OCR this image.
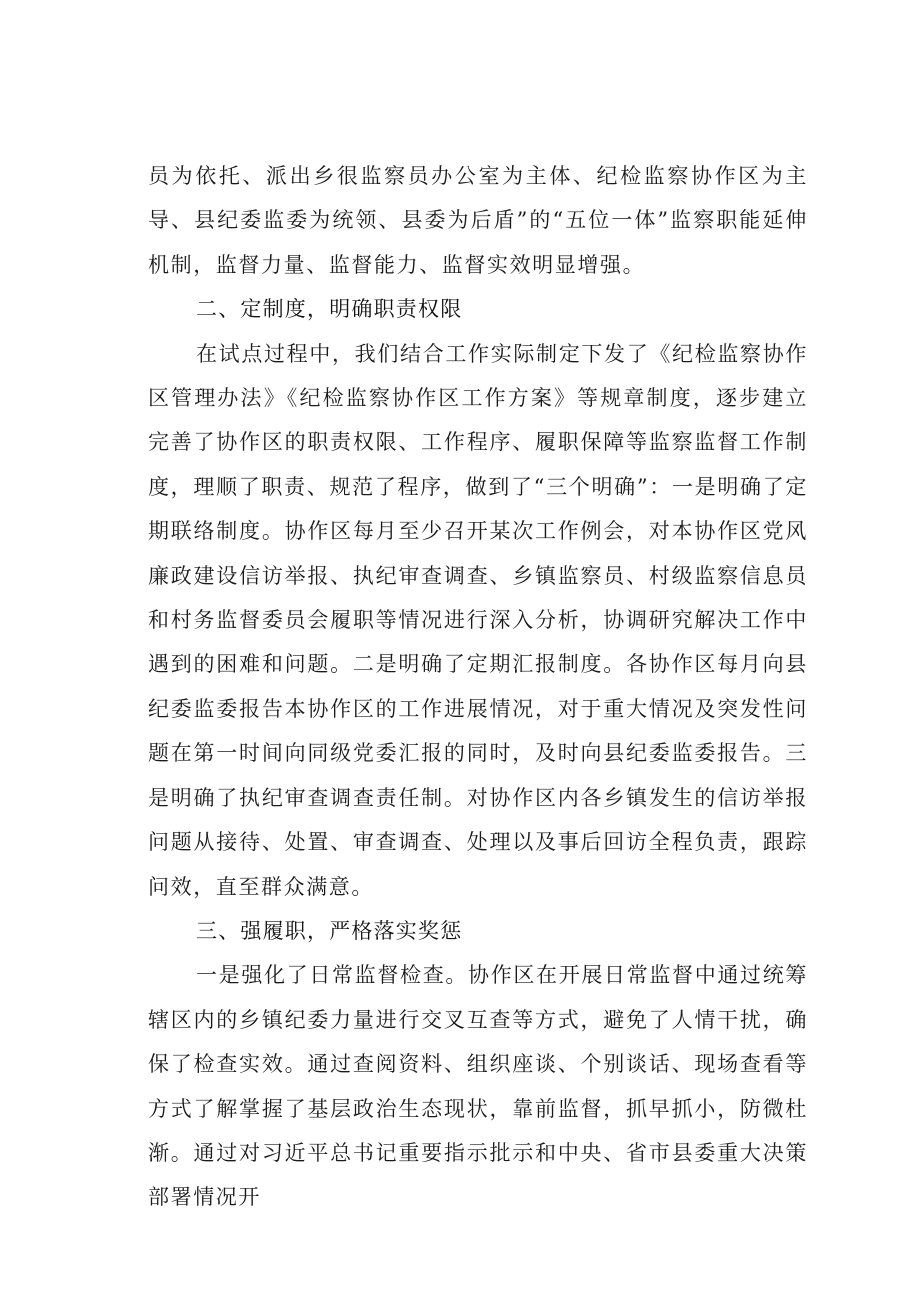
员为依托、派出乡很监察员办公室为主体、纪检监察协作区为主导、县纪委监委为统领、县委为后盾”的“五位一体”监察职能延伸机制，监督力量、监督能力、监督实效明显增强。

二、定制度，明确职责权限

在试点过程中，我们结合工作实际制定下发了《纪检监察协作区管理办法》《纪检监察协作区工作方案》等规章制度，逐步建立完善了协作区的职责权限、工作程序、履职保障等监察监督工作制度，理顺了职责、规范了程序，做到了“三个明确”：一是明确了定期联络制度。协作区每月至少召开某次工作例会，对本协作区党风廉政建设信访举报、执纪审查调查、乡镇监察员、村级监察信息员和村务监督委员会履职等情况进行深入分析，协调研究解决工作中遇到的困难和问题。二是明确了定期汇报制度。各协作区每月向县纪委监委报告本协作区的工作进展情况，对于重大情况及突发性问题在第一时间向同级党委汇报的同时，及时向县纪委监委报告。三是明确了执纪审查调查责任制。对协作区内各乡镇发生的信访举报问题从接待、处置、审查调查、处理以及事后回访全程负责，跟踪问效，直至群众满意。

三、强履职，严格落实奖惩

一是强化了日常监督检查。协作区在开展日常监督中通过统筹辖区内的乡镇纪委力量进行交叉互查等方式，避免了人情干扰，确保了检查实效。通过查阅资料、组织座谈、个别谈话、现场查看等方式了解掌握了基层政治生态现状，靠前监督，抓早抓小，防微杜渐。通过对习近平总书记重要指示批示和中央、省市县委重大决策部署情况开
